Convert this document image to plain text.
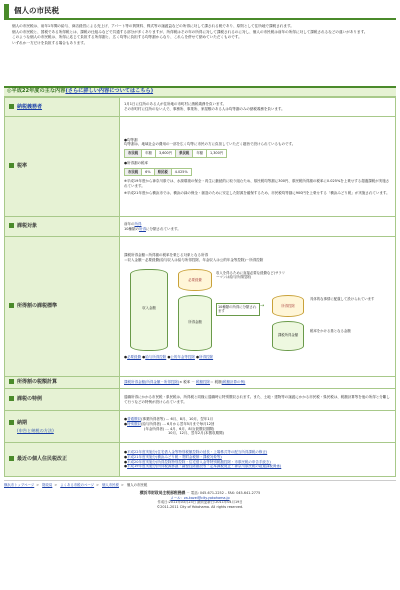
個人の市民税

個人の市民税は、前年1年間の給与、商店経営による売上げ、アパート等の賃貸料、株式等の譲渡益などの所得に対して課される税であり、原則として住所地で課税されます。

個人の市民税と、国税である所得税とは、課税の仕組みなどで共通する部分が多くありますが、所得税はその年の所得に対して課税されるのに対し、個人の市民税は前年の所得に対して課税されるなどの違いがあります。

このような個人の市民税は、所得に応じて負担する所得割と、広く均等に負担する均等割からなり、これらを併せて納めていただくものです。

いずれか一方だけを負担する場合もあります。

◎平成22年度の主な内容 (さらに詳しい内容についてはこちら)
納税義務者	1月1日に住所のある人が住所地の市町村に納税義務を負います。
その市町村に住所のない人で、事務所、事業所、家屋敷のある人は均等割のみの納税義務を負います。

税率	
●均等割
均等割は、地域社会の費用の一部を広く均等に市民の方に負担していただく趣旨で設けられているものです。
市民税	年額	3,600円	県民税	年額	1,300円
●所得割の税率
市民税	6%	県民税	4.025%
※平成19年度から神奈川県では、水源環境の保全・再生に継続的に取り組むため、県民税均等割に300円、県民税所得割の税率に0.025%を上乗せする超過課税が実施されています。
※平成21年度から横浜市では、横浜の緑の保全・創造のために安定した財源を確保するため、市民税均等割に900円を上乗せする「横浜みどり税」が実施されています。

課税対象	前年の所得
10種類の所得に分類されています。

所得割の課税標準	
課税所得金額＝所得割の税率を乗じる対象となる所得
＝収入金額－必要経費(給与収入は給与所得控除、年金収入は公的年金等控除)－所得控除
収入金額
必要経費
収入を得るために直接必要な経費など(サラリーマンは給与所得控除)
所得金額
10種類の所得に分類されます
→	所得控除
具体的な事情に配慮して設けられています
課税所得金額
税率をかける基となる金額
●必要経費 ●給与所得控除 ●公的年金等控除 ●所得控除

所得割の税額計算	課税所得金額(所得金額－所得控除)× 税率 － 税額控除＝ 税額(税額計算の例)
課税の特例	退職所得にかかる市民税・県民税は、所得税と同様に退職時に特別徴収されます。また、土地・建物等の譲渡にかかる市民税・県民税は、税額計算等を他の所得と分離して行うなどの特例が設けられています。

納期
(申告と納税の方法)

●普通徴収(事業所得者等) … 6月、8月、10月、翌年1月
●特別徴収(給与所得者) … 6月から翌年5月まで毎月12回
(年金所得者) … 4月、6月、8月(仮徴収期間)
10月、12月、翌年2月(本徴収期間)

最近の個人住民税改正	
●平成22年度実施分(住宅借入金等特別税額控除の延長・上場株式等の配当所得課税の修正)
●平成21年度実施分(横浜みどり税・寄附金税制・課税対象等)
●平成20年度実施分(所得控除特別控除・住宅借入金等特別税額控除・市県民税の申告手続き)
●平成19年度実施分(所得税源移譲・調整控除創設等・定率減税廃止・神奈川県民税の超過課税関係)
横浜市トップページ > 財政局 > よくある市税のページ > 個人市民税 > 個人の市民税
横浜市財政局主税部税務課 － 電話: 045-671-2252 – FAX: 045-641-2775
メール：za-kazei@city.yokohama.jp
作成日:2011年03月23日 最終更新日:2011年04月19日
©2011-2011 City of Yokohama. All rights reserved.
